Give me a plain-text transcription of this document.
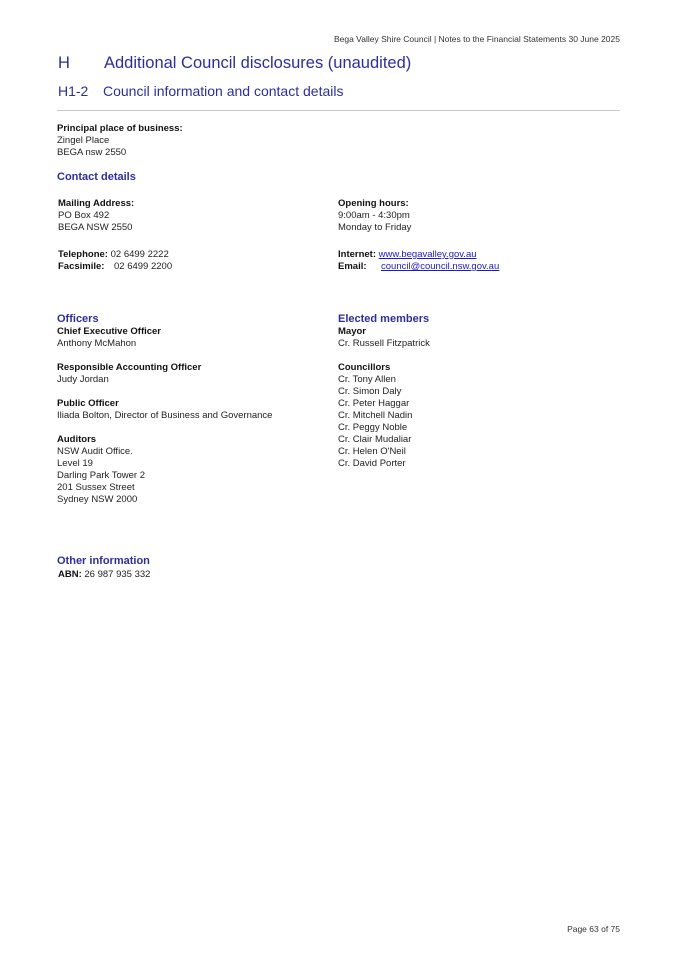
Bega Valley Shire Council | Notes to the Financial Statements 30 June 2025
H Additional Council disclosures (unaudited)
H1-2 Council information and contact details
Principal place of business:
Zingel Place
BEGA nsw 2550
Contact details
Mailing Address:
PO Box 492
BEGA NSW 2550
Telephone: 02 6499 2222
Facsimile: 02 6499 2200
Opening hours:
9:00am - 4:30pm
Monday to Friday
Internet: www.begavalley.gov.au
Email: council@council.nsw.gov.au
Officers
Chief Executive Officer
Anthony McMahon
Responsible Accounting Officer
Judy Jordan
Public Officer
Iliada Bolton, Director of Business and Governance
Auditors
NSW Audit Office.
Level 19
Darling Park Tower 2
201 Sussex Street
Sydney NSW 2000
Elected members
Mayor
Cr. Russell Fitzpatrick
Councillors
Cr. Tony Allen
Cr. Simon Daly
Cr. Peter Haggar
Cr. Mitchell Nadin
Cr. Peggy Noble
Cr. Clair Mudaliar
Cr. Helen O'Neil
Cr. David Porter
Other information
ABN: 26 987 935 332
Page 63 of 75
